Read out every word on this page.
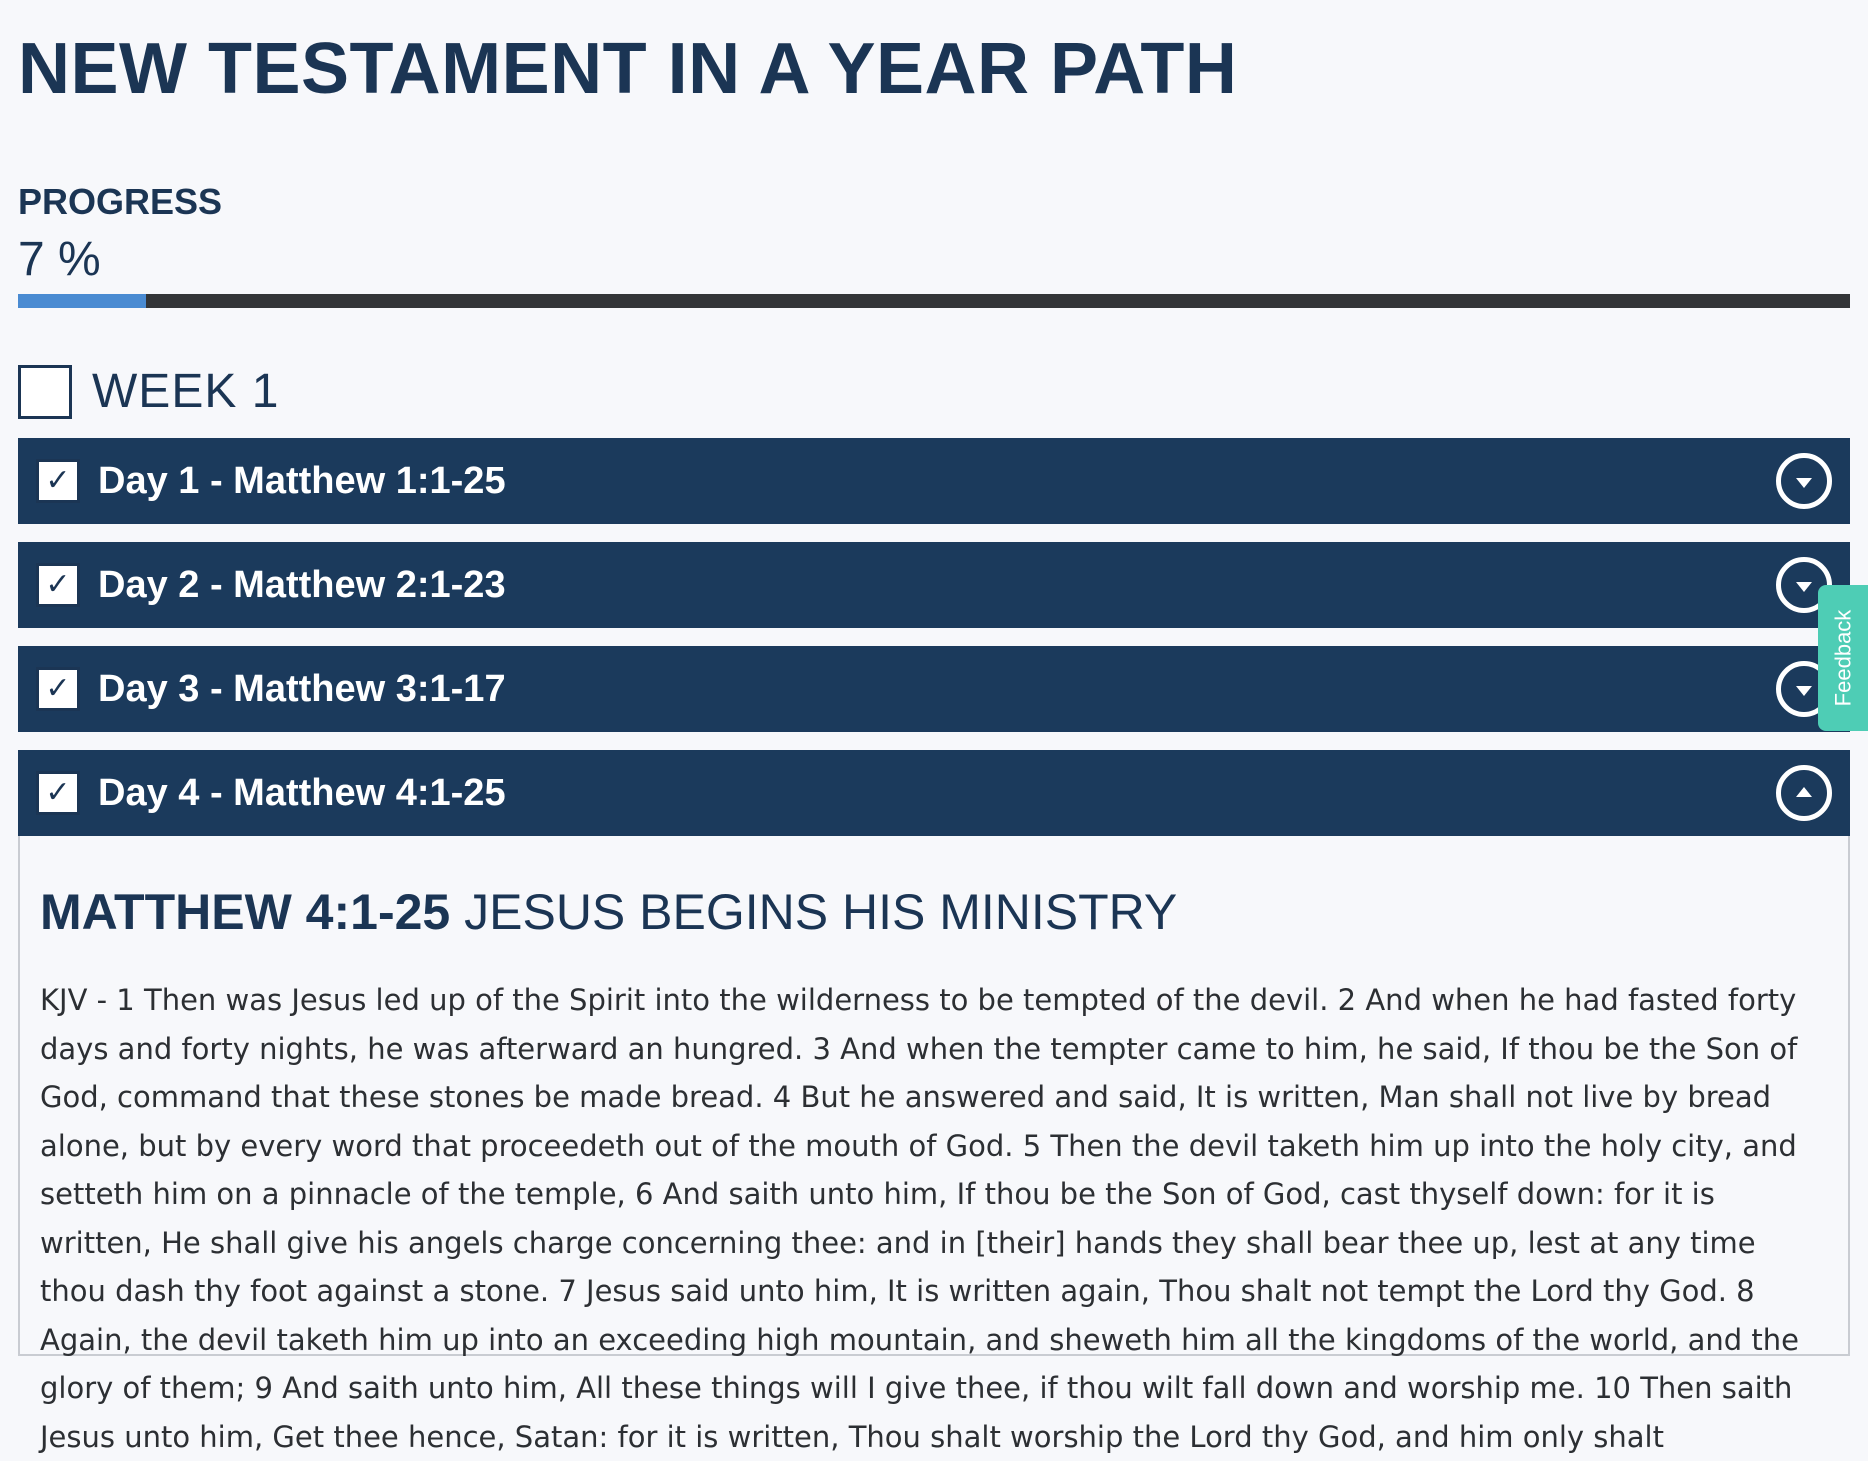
NEW TESTAMENT IN A YEAR PATH
PROGRESS
7 %
WEEK 1
✓ Day 1 - Matthew 1:1-25
✓ Day 2 - Matthew 2:1-23
✓ Day 3 - Matthew 3:1-17
✓ Day 4 - Matthew 4:1-25
MATTHEW 4:1-25 JESUS BEGINS HIS MINISTRY
KJV - 1 Then was Jesus led up of the Spirit into the wilderness to be tempted of the devil. 2 And when he had fasted forty days and forty nights, he was afterward an hungred. 3 And when the tempter came to him, he said, If thou be the Son of God, command that these stones be made bread. 4 But he answered and said, It is written, Man shall not live by bread alone, but by every word that proceedeth out of the mouth of God. 5 Then the devil taketh him up into the holy city, and setteth him on a pinnacle of the temple, 6 And saith unto him, If thou be the Son of God, cast thyself down: for it is written, He shall give his angels charge concerning thee: and in [their] hands they shall bear thee up, lest at any time thou dash thy foot against a stone. 7 Jesus said unto him, It is written again, Thou shalt not tempt the Lord thy God. 8 Again, the devil taketh him up into an exceeding high mountain, and sheweth him all the kingdoms of the world, and the glory of them; 9 And saith unto him, All these things will I give thee, if thou wilt fall down and worship me. 10 Then saith Jesus unto him, Get thee hence, Satan: for it is written, Thou shalt worship the Lord thy God, and him only shalt
Feedback
